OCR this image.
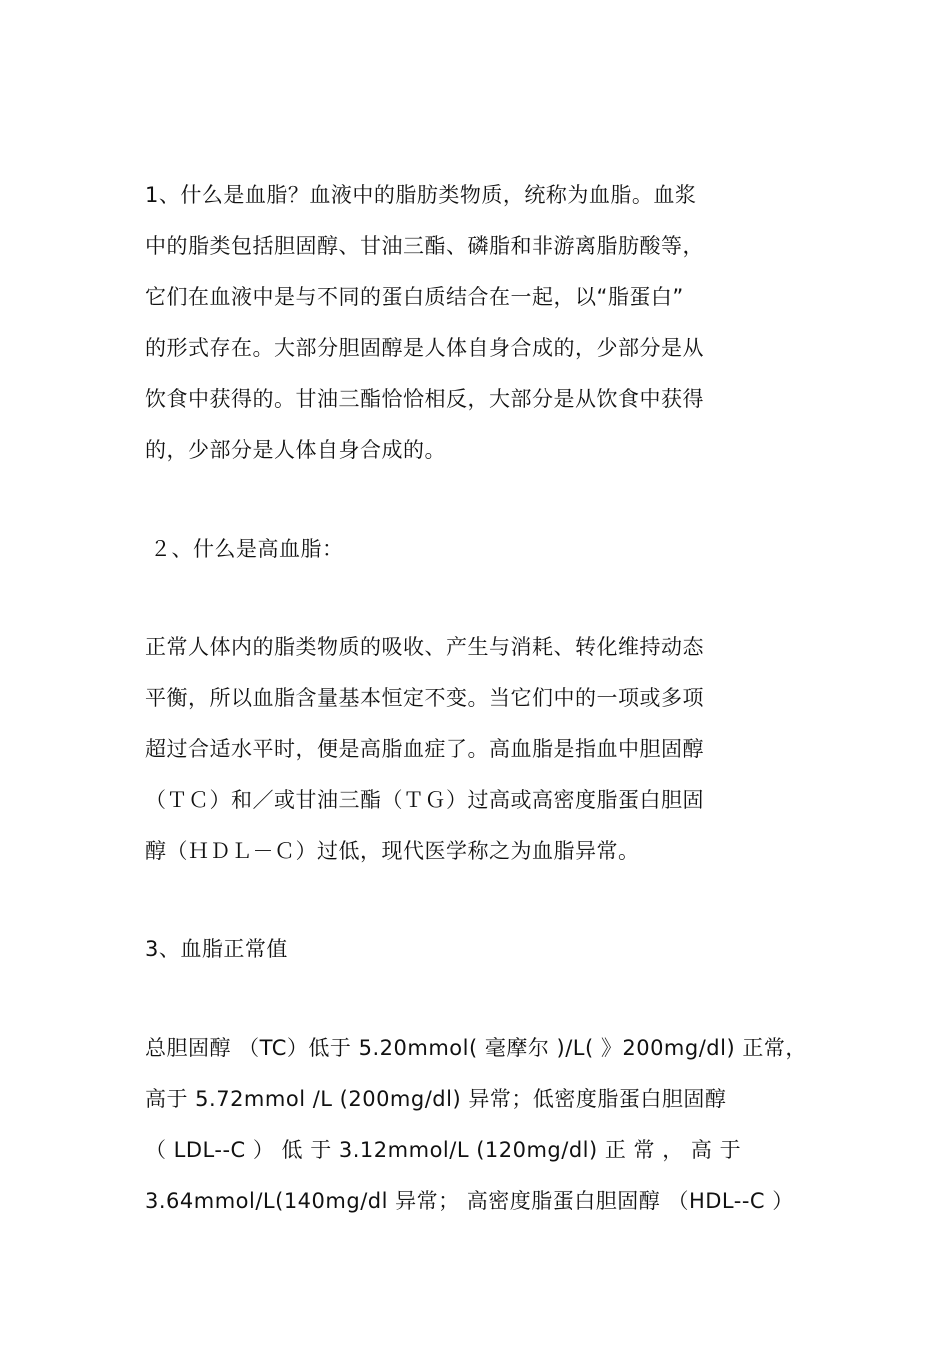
1、什么是血脂？血液中的脂肪类物质，统称为血脂。血浆
中的脂类包括胆固醇、甘油三酯、磷脂和非游离脂肪酸等，
它们在血液中是与不同的蛋白质结合在一起，以“脂蛋白”
的形式存在。大部分胆固醇是人体自身合成的，少部分是从
饮食中获得的。甘油三酯恰恰相反，大部分是从饮食中获得
的，少部分是人体自身合成的。
２、什么是高血脂：
正常人体内的脂类物质的吸收、产生与消耗、转化维持动态
平衡，所以血脂含量基本恒定不变。当它们中的一项或多项
超过合适水平时，便是高脂血症了。高血脂是指血中胆固醇
（ＴＣ）和／或甘油三酯（ＴＧ）过高或高密度脂蛋白胆固
醇（ＨＤＬ－Ｃ）过低，现代医学称之为血脂异常。
3、血脂正常值
总胆固醇 （TC）低于 5.20mmol( 毫摩尔 )/L( 》200mg/dl) 正常，
高于 5.72mmol /L (200mg/dl) 异常；低密度脂蛋白胆固醇
（ LDL--C ） 低 于 3.12mmol/L (120mg/dl) 正 常 ， 高 于
3.64mmol/L(140mg/dl 异常； 高密度脂蛋白胆固醇 （HDL--C ）
